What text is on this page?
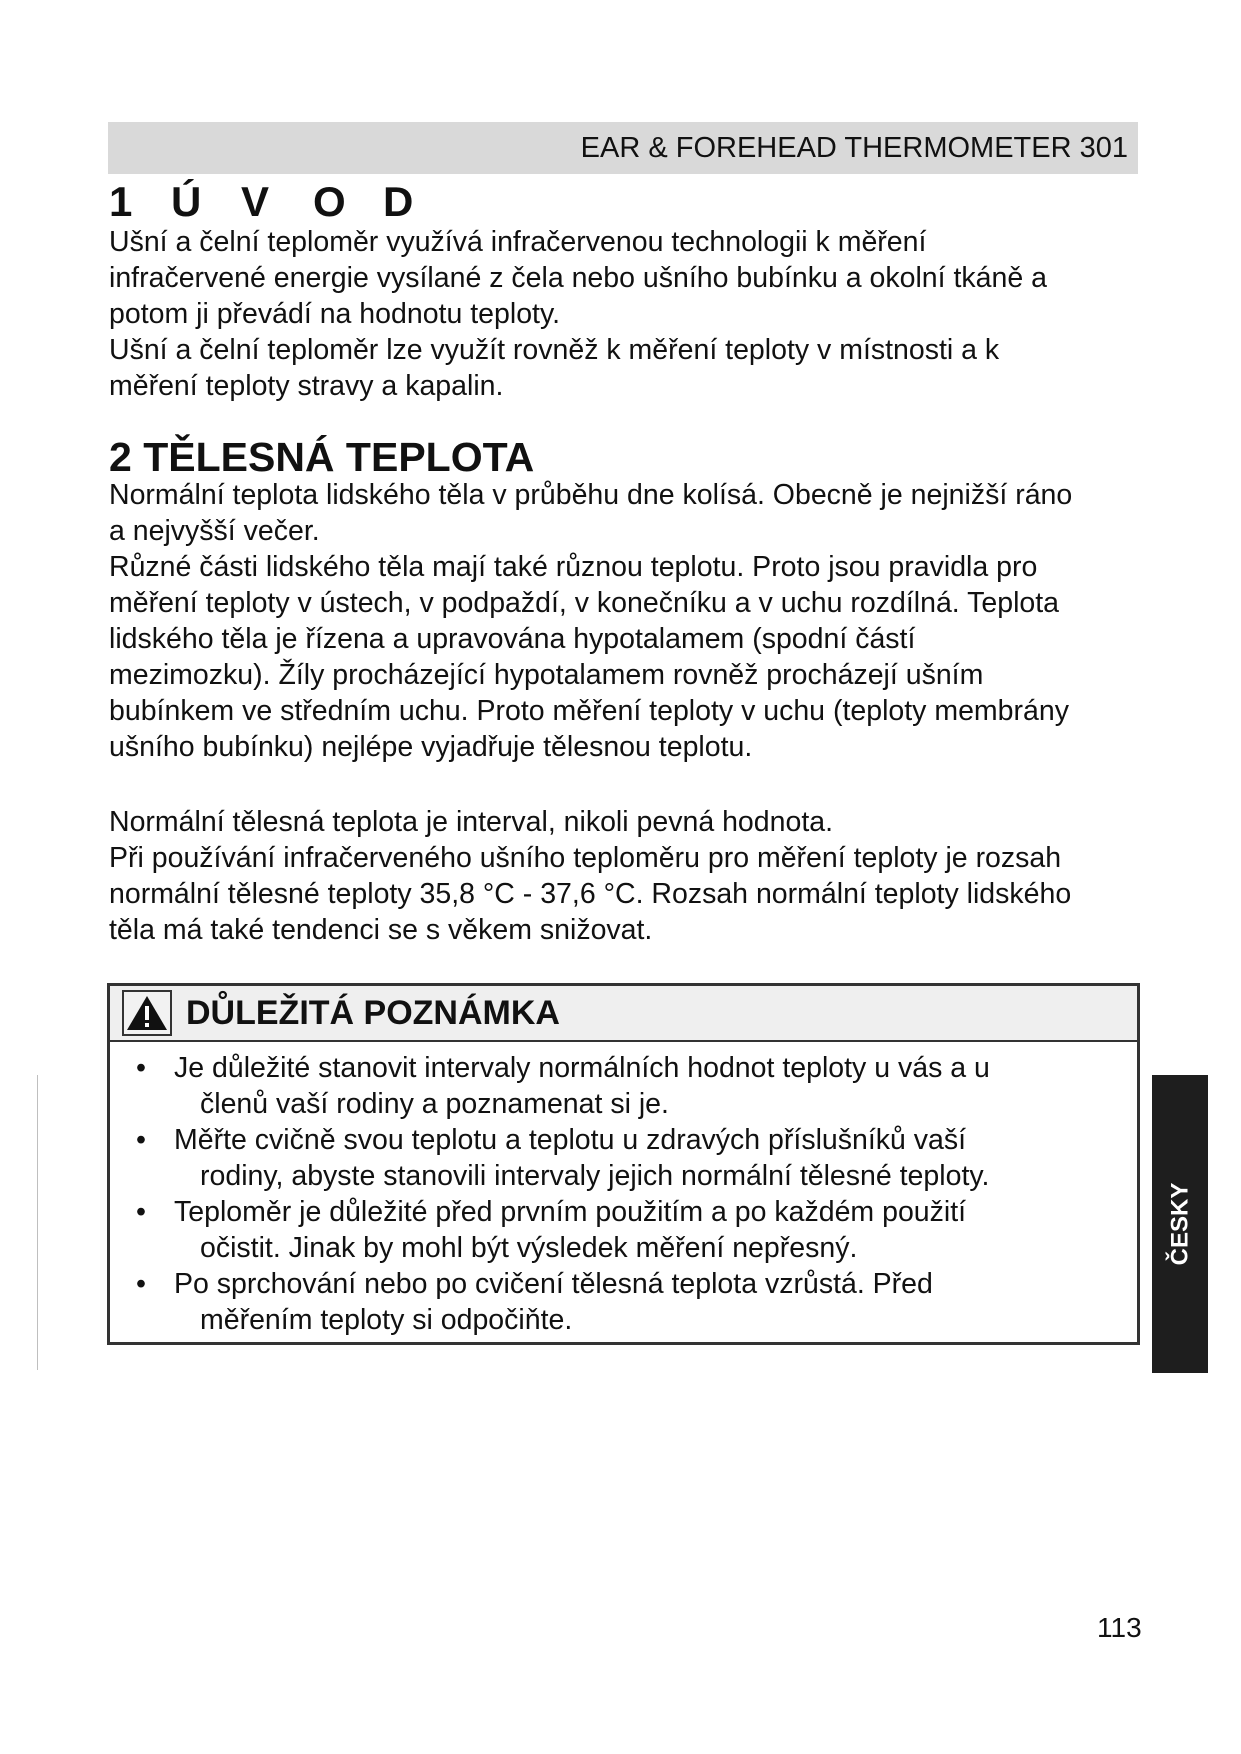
EAR & FOREHEAD THERMOMETER 301
1 Ú V O D

Ušní a čelní teploměr využívá infračervenou technologii k měření

infračervené energie vysílané z čela nebo ušního bubínku a okolní tkáně a

potom ji převádí na hodnotu teploty.

Ušní a čelní teploměr lze využít rovněž k měření teploty v místnosti a k

měření teploty stravy a kapalin.

2 TĚLESNÁ TEPLOTA

Normální teplota lidského těla v průběhu dne kolísá. Obecně je nejnižší ráno

a nejvyšší večer.

Různé části lidského těla mají také různou teplotu. Proto jsou pravidla pro

měření teploty v ústech, v podpaždí, v konečníku a v uchu rozdílná. Teplota

lidského těla je řízena a upravována hypotalamem (spodní částí

mezimozku). Žíly procházející hypotalamem rovněž procházejí ušním

bubínkem ve středním uchu. Proto měření teploty v uchu (teploty membrány

ušního bubínku) nejlépe vyjadřuje tělesnou teplotu.

Normální tělesná teplota je interval, nikoli pevná hodnota.

Při používání infračerveného ušního teploměru pro měření teploty je rozsah

normální tělesné teploty 35,8 °C - 37,6 °C. Rozsah normální teploty lidského

těla má také tendenci se s věkem snižovat.

DŮLEŽITÁ POZNÁMKA
• Je důležité stanovit intervaly normálních hodnot teploty u vás a u
členů vaší rodiny a poznamenat si je.
• Měřte cvičně svou teplotu a teplotu u zdravých příslušníků vaší
rodiny, abyste stanovili intervaly jejich normální tělesné teploty.
• Teploměr je důležité před prvním použitím a po každém použití
očistit. Jinak by mohl být výsledek měření nepřesný.
• Po sprchování nebo po cvičení tělesná teplota vzrůstá. Před
měřením teploty si odpočiňte.
ČESKY
113
